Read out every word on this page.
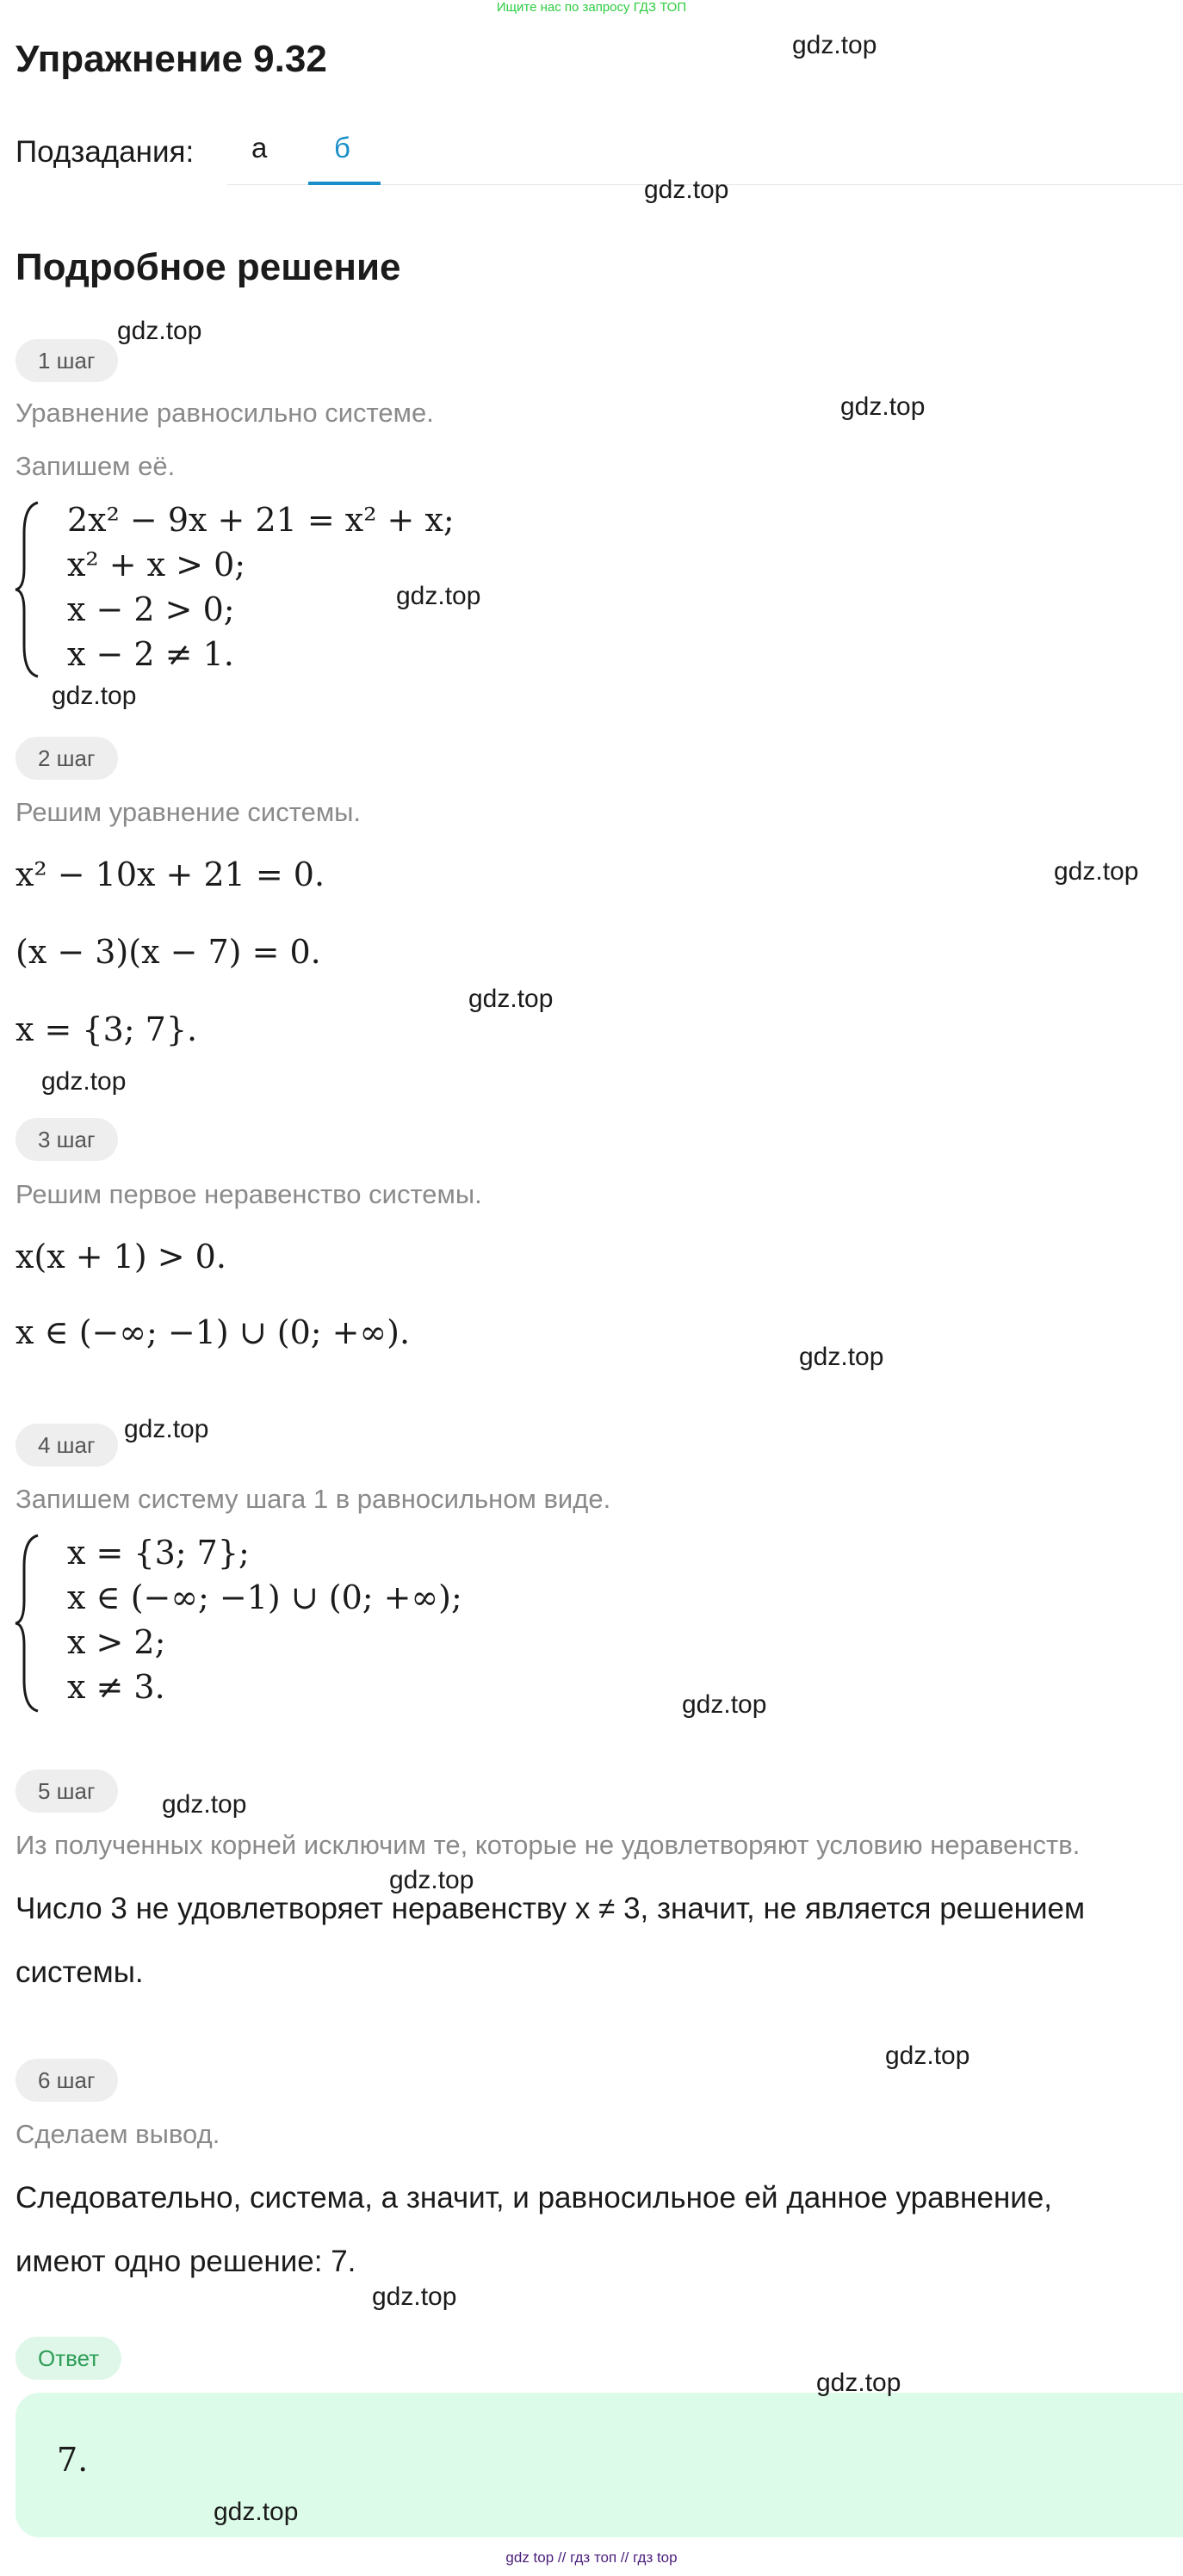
Ищите нас по запросу ГДЗ ТОП
Упражнение 9.32
Подзадания: а б
Подробное решение
1 шаг
Уравнение равносильно системе.
Запишем её.
2x² − 9x + 21 = x² + x;
x² + x > 0;
x − 2 > 0;
x − 2 ≠ 1.
2 шаг
Решим уравнение системы.
x² − 10x + 21 = 0.
(x − 3)(x − 7) = 0.
x = {3; 7}.
3 шаг
Решим первое неравенство системы.
x(x + 1) > 0.
x ∈ (−∞; −1) ∪ (0; +∞).
4 шаг
Запишем систему шага 1 в равносильном виде.
x = {3; 7};
x ∈ (−∞; −1) ∪ (0; +∞);
x > 2;
x ≠ 3.
5 шаг
Из полученных корней исключим те, которые не удовлетворяют условию неравенств.
Число 3 не удовлетворяет неравенству x ≠ 3, значит, не является решением
системы.
6 шаг
Сделаем вывод.
Следовательно, система, а значит, и равносильное ей данное уравнение,
имеют одно решение: 7.
Ответ
7.
gdz.top
gdz.top
gdz.top
gdz.top
gdz.top
gdz.top
gdz.top
gdz.top
gdz.top
gdz.top
gdz.top
gdz.top
gdz.top
gdz.top
gdz.top
gdz.top
gdz.top
gdz.top
gdz top // гдз топ // гдз top
